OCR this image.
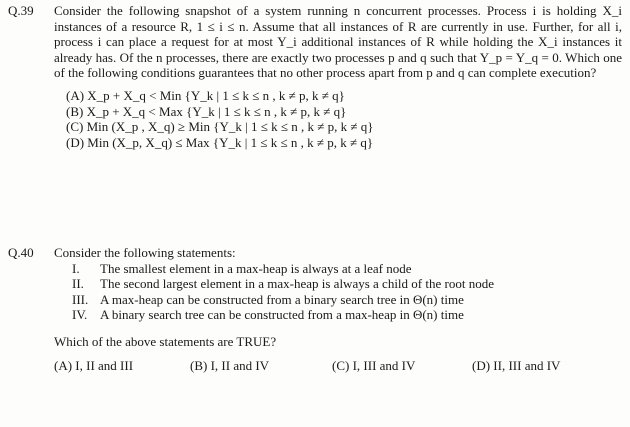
Q.39	Consider the following snapshot of a system running n concurrent processes. Process i is holding X_i instances of a resource R, 1 ≤ i ≤ n. Assume that all instances of R are currently in use. Further, for all i, process i can place a request for at most Y_i additional instances of R while holding the X_i instances it already has. Of the n processes, there are exactly two processes p and q such that Y_p = Y_q = 0. Which one of the following conditions guarantees that no other process apart from p and q can complete execution?
(A) X_p + X_q < Min {Y_k | 1 ≤ k ≤ n , k ≠ p, k ≠ q}
(B) X_p + X_q < Max {Y_k | 1 ≤ k ≤ n , k ≠ p, k ≠ q}
(C) Min (X_p , X_q) ≥ Min {Y_k | 1 ≤ k ≤ n , k ≠ p, k ≠ q}
(D) Min (X_p, X_q) ≤ Max {Y_k | 1 ≤ k ≤ n , k ≠ p, k ≠ q}
Q.40	Consider the following statements:
I.	The smallest element in a max-heap is always at a leaf node
II.	The second largest element in a max-heap is always a child of the root node
III. A max-heap can be constructed from a binary search tree in Θ(n) time
IV. A binary search tree can be constructed from a max-heap in Θ(n) time
Which of the above statements are TRUE?
(A) I, II and III	(B) I, II and IV	(C) I, III and IV	(D) II, III and IV
